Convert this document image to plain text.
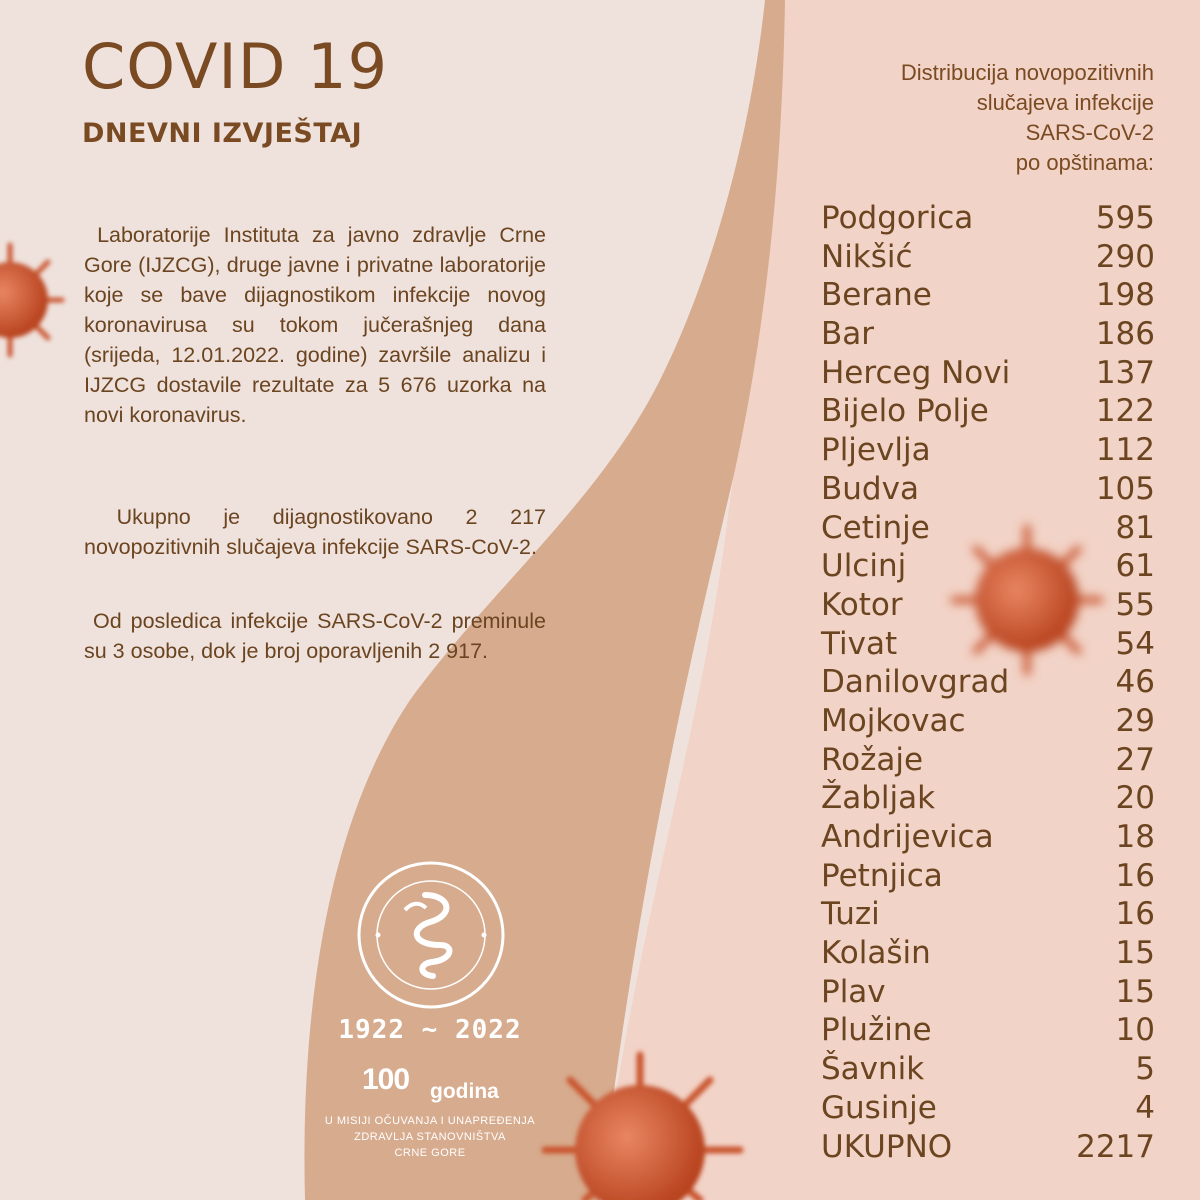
COVID 19
DNEVNI IZVJEŠTAJ
Laboratorije Instituta za javno zdravlje Crne Gore (IJZCG), druge javne i privatne laboratorije koje se bave dijagnostikom infekcije novog koronavirusa su tokom jučerašnjeg dana (srijeda, 12.01.2022. godine) završile analizu i IJZCG dostavile rezultate za 5 676 uzorka na novi koronavirus.
Ukupno je dijagnostikovano 2 217 novopozitivnih slučajeva infekcije SARS-CoV-2.
Od posledica infekcije SARS-CoV-2 preminule su 3 osobe, dok je broj oporavljenih 2 917.
Distribucija novopozitivnih
slučajeva infekcije
SARS-CoV-2
po opštinama:
Podgorica	595
Nikšić	290
Berane	198
Bar	186
Herceg Novi	137
Bijelo Polje	122
Pljevlja	112
Budva	105
Cetinje	81
Ulcinj	61
Kotor	55
Tivat	54
Danilovgrad	46
Mojkovac	29
Rožaje	27
Žabljak	20
Andrijevica	18
Petnjica	16
Tuzi	16
Kolašin	15
Plav	15
Plužine	10
Šavnik	5
Gusinje	4
UKUPNO	2217
1922 ~ 2022
100 godina
U MISIJI OČUVANJA I UNAPREĐENJA
ZDRAVLJA STANOVNIŠTVA
CRNE GORE
